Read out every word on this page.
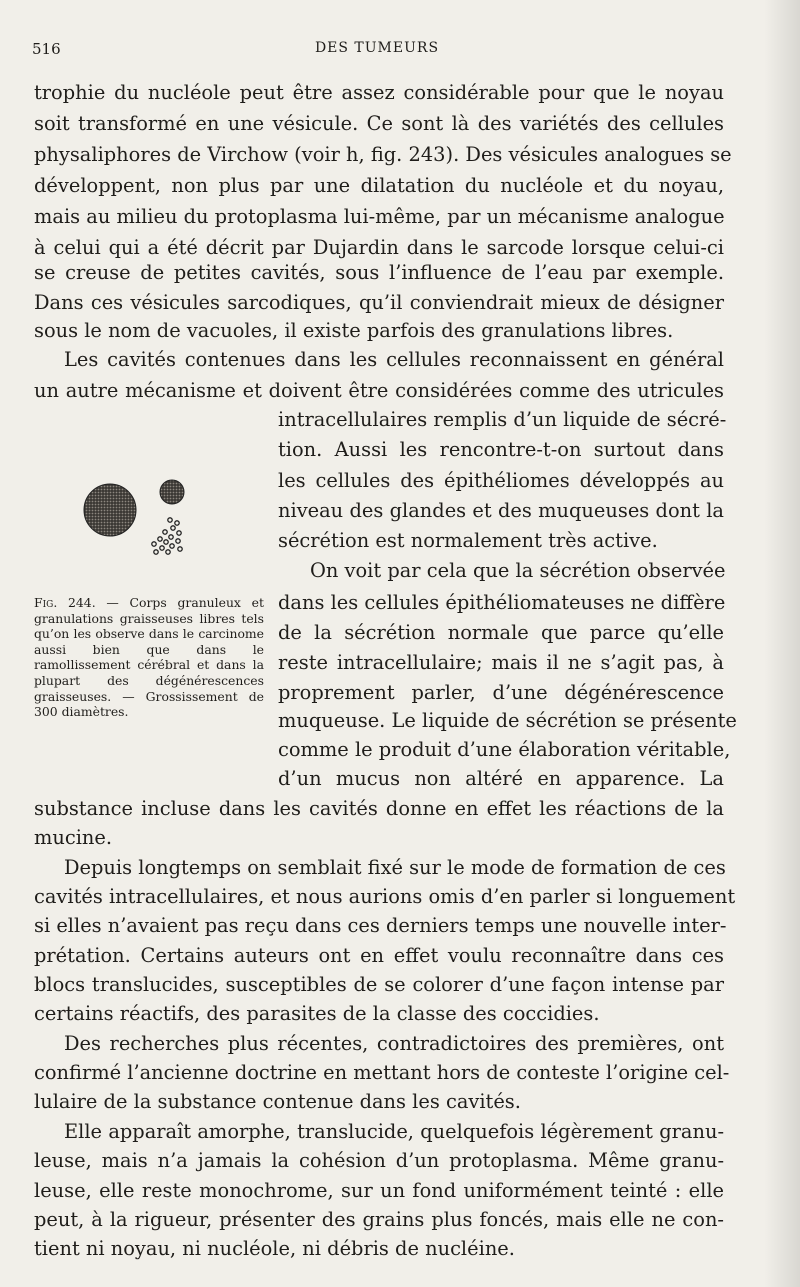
516	DES TUMEURS
trophie du nucléole peut être assez considérable pour que le noyau
soit transformé en une vésicule. Ce sont là des variétés des cellules
physaliphores de Virchow (voir h, fig. 243). Des vésicules analogues se
développent, non plus par une dilatation du nucléole et du noyau,
mais au milieu du protoplasma lui-même, par un mécanisme analogue
à celui qui a été décrit par Dujardin dans le sarcode lorsque celui-ci
se creuse de petites cavités, sous l’influence de l’eau par exemple.
Dans ces vésicules sarcodiques, qu’il conviendrait mieux de désigner
sous le nom de vacuoles, il existe parfois des granulations libres.
Les cavités contenues dans les cellules reconnaissent en général
un autre mécanisme et doivent être considérées comme des utricules
intracellulaires remplis d’un liquide de sécré-
tion. Aussi les rencontre-t-on surtout dans
les cellules des épithéliomes développés au
niveau des glandes et des muqueuses dont la
sécrétion est normalement très active.
On voit par cela que la sécrétion observée
dans les cellules épithéliomateuses ne diffère
de la sécrétion normale que parce qu’elle
reste intracellulaire; mais il ne s’agit pas, à
proprement parler, d’une dégénérescence
muqueuse. Le liquide de sécrétion se présente
comme le produit d’une élaboration véritable,
d’un mucus non altéré en apparence. La
substance incluse dans les cavités donne en effet les réactions de la
mucine.
Depuis longtemps on semblait fixé sur le mode de formation de ces
cavités intracellulaires, et nous aurions omis d’en parler si longuement
si elles n’avaient pas reçu dans ces derniers temps une nouvelle inter-
prétation. Certains auteurs ont en effet voulu reconnaître dans ces
blocs translucides, susceptibles de se colorer d’une façon intense par
certains réactifs, des parasites de la classe des coccidies.
Des recherches plus récentes, contradictoires des premières, ont
confirmé l’ancienne doctrine en mettant hors de conteste l’origine cel-
lulaire de la substance contenue dans les cavités.
Elle apparaît amorphe, translucide, quelquefois légèrement granu-
leuse, mais n’a jamais la cohésion d’un protoplasma. Même granu-
leuse, elle reste monochrome, sur un fond uniformément teinté : elle
peut, à la rigueur, présenter des grains plus foncés, mais elle ne con-
tient ni noyau, ni nucléole, ni débris de nucléine.
Fig. 244. — Corps granuleux et granulations graisseuses libres tels qu’on les observe dans le carcinome aussi bien que dans le ramollissement cérébral et dans la plupart des dégénérescences graisseuses. — Grossissement de 300 diamètres.
